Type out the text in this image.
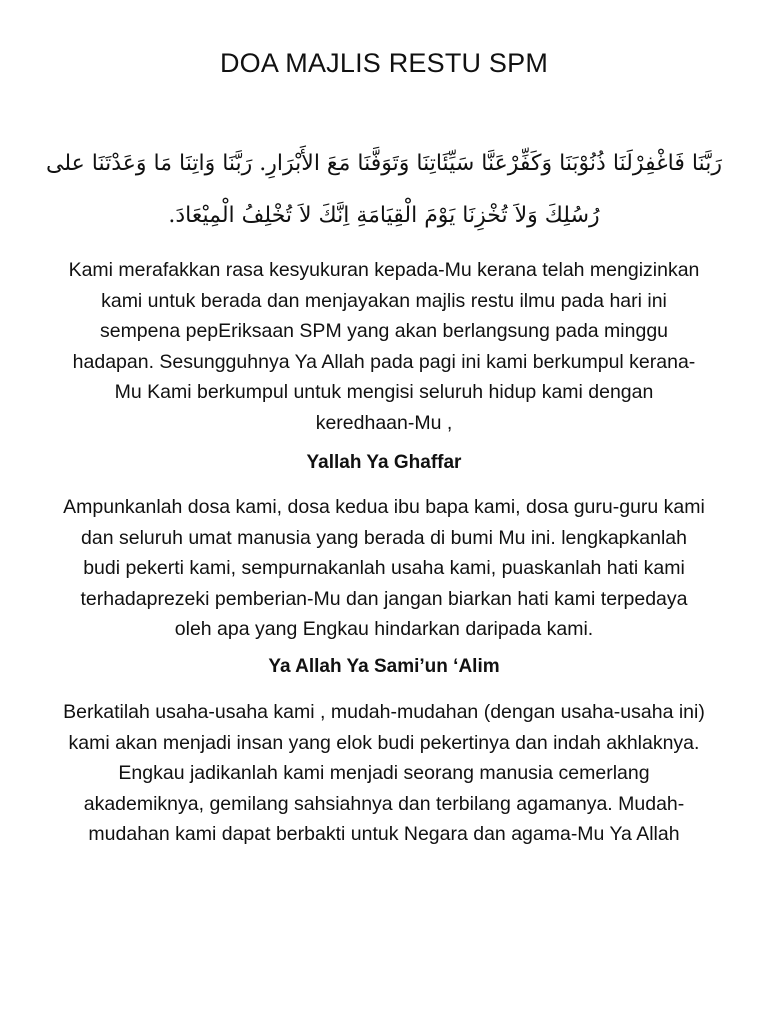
DOA MAJLIS RESTU SPM
رَبَّنَا فَاغْفِرْلَنَا ذُنُوْبَنَا وَكَفِّرْعَنَّا سَيِّئَاتِنَا وَتَوَفَّنَا مَعَ الأَبْرَارِ. رَبَّنَا وَاتِنَا مَا وَعَدْتَنَا على
رُسُلِكَ وَلاَ تُخْزِنَا يَوْمَ الْقِيَامَةِ اِنَّكَ لاَ تُخْلِفُ الْمِيْعَادَ.
Kami merafakkan rasa kesyukuran kepada-Mu kerana telah mengizinkan
kami untuk berada dan menjayakan majlis restu ilmu pada hari ini
sempena pepEriksaan SPM yang akan berlangsung pada minggu
hadapan. Sesungguhnya Ya Allah pada pagi ini kami berkumpul kerana-
Mu Kami berkumpul untuk mengisi seluruh hidup kami dengan
keredhaan-Mu ,
Yallah Ya Ghaffar
Ampunkanlah dosa kami, dosa kedua ibu bapa kami, dosa guru-guru kami
dan seluruh umat manusia yang berada di bumi Mu ini. lengkapkanlah
budi pekerti kami, sempurnakanlah usaha kami, puaskanlah hati kami
terhadaprezeki pemberian-Mu dan jangan biarkan hati kami terpedaya
oleh apa yang Engkau hindarkan daripada kami.
Ya Allah Ya Sami’un ‘Alim
Berkatilah usaha-usaha kami , mudah-mudahan (dengan usaha-usaha ini)
kami akan menjadi insan yang elok budi pekertinya dan indah akhlaknya.
Engkau jadikanlah kami menjadi seorang manusia cemerlang
akademiknya, gemilang sahsiahnya dan terbilang agamanya. Mudah-
mudahan kami dapat berbakti untuk Negara dan agama-Mu Ya Allah
